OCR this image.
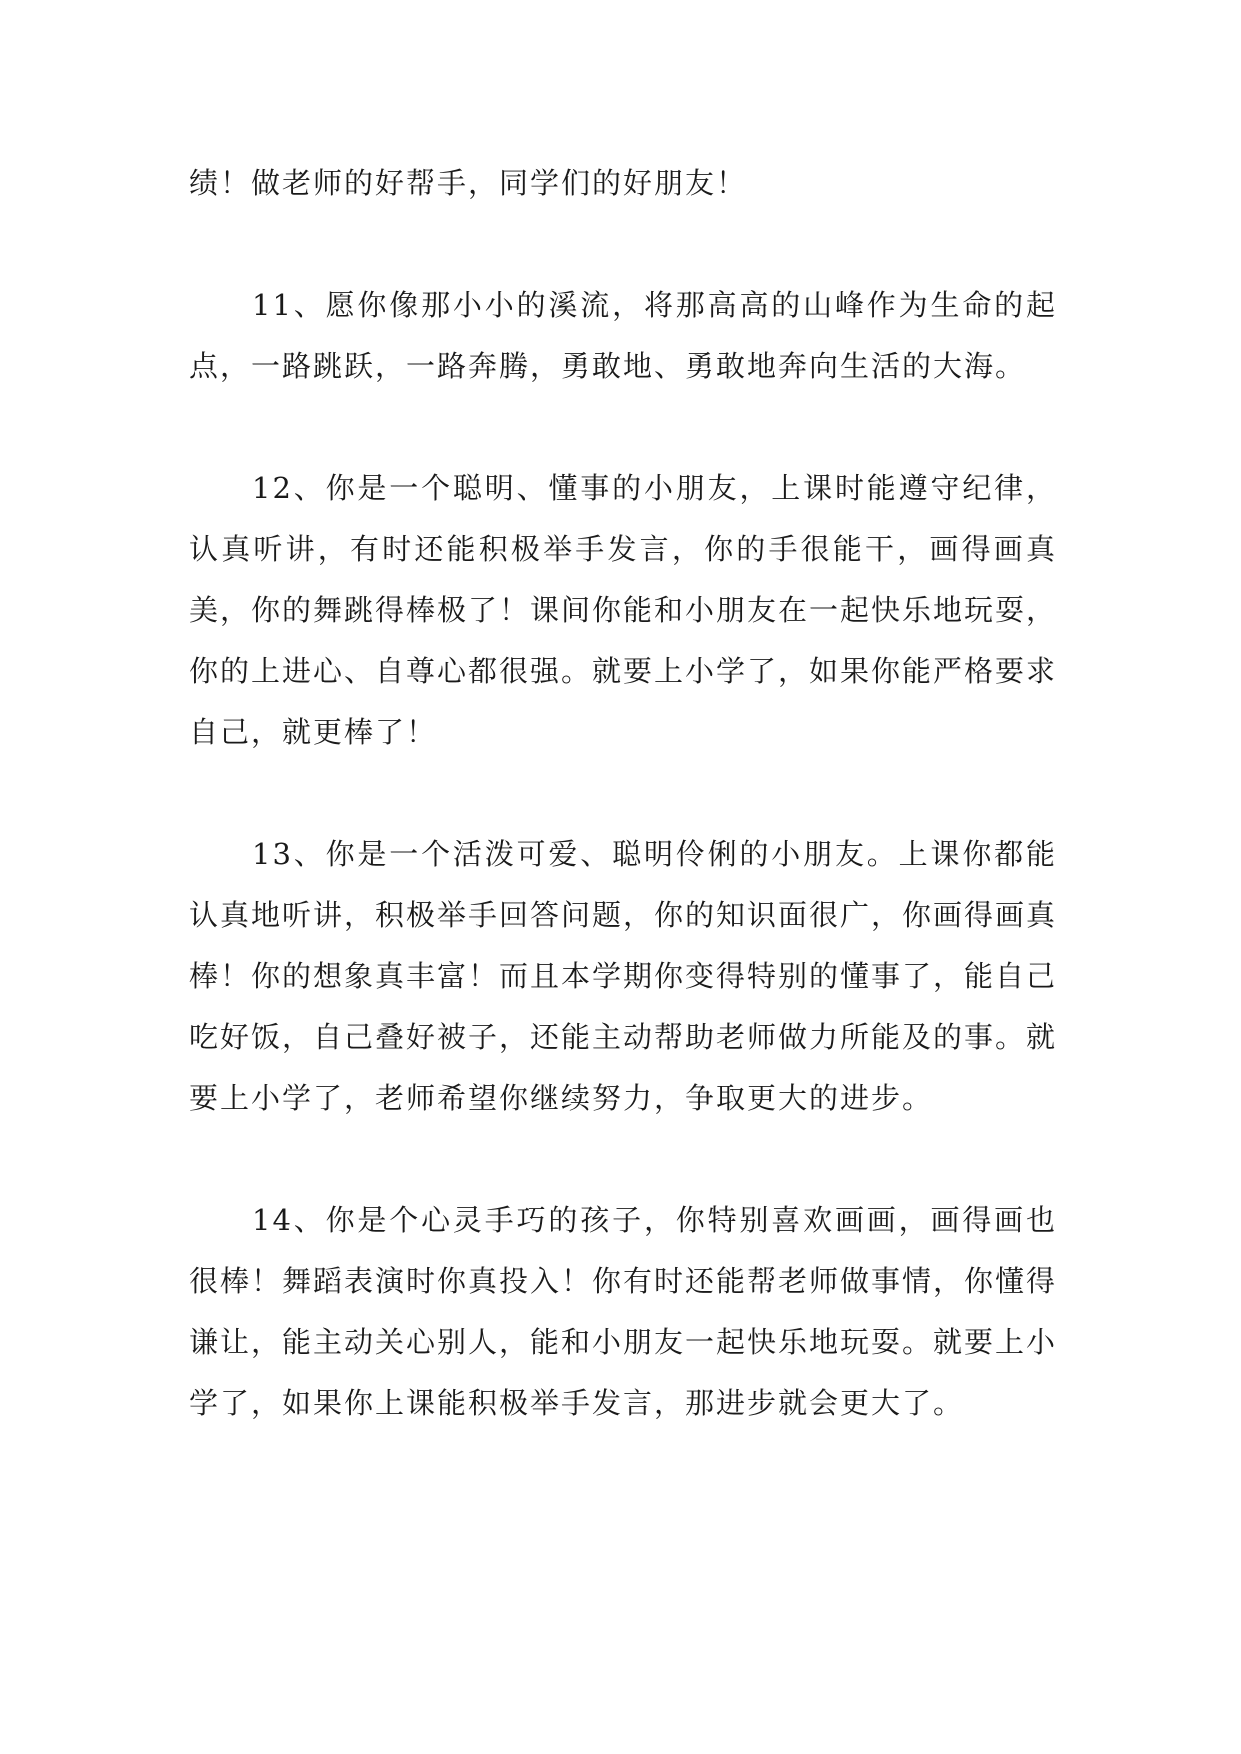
绩！做老师的好帮手，同学们的好朋友！

11、愿你像那小小的溪流，将那高高的山峰作为生命的起点，一路跳跃，一路奔腾，勇敢地、勇敢地奔向生活的大海。

12、你是一个聪明、懂事的小朋友，上课时能遵守纪律，认真听讲，有时还能积极举手发言，你的手很能干，画得画真美，你的舞跳得棒极了！课间你能和小朋友在一起快乐地玩耍，你的上进心、自尊心都很强。就要上小学了，如果你能严格要求自己，就更棒了！

13、你是一个活泼可爱、聪明伶俐的小朋友。上课你都能认真地听讲，积极举手回答问题，你的知识面很广，你画得画真棒！你的想象真丰富！而且本学期你变得特别的懂事了，能自己吃好饭，自己叠好被子，还能主动帮助老师做力所能及的事。就要上小学了，老师希望你继续努力，争取更大的进步。

14、你是个心灵手巧的孩子，你特别喜欢画画，画得画也很棒！舞蹈表演时你真投入！你有时还能帮老师做事情，你懂得谦让，能主动关心别人，能和小朋友一起快乐地玩耍。就要上小学了，如果你上课能积极举手发言，那进步就会更大了。
